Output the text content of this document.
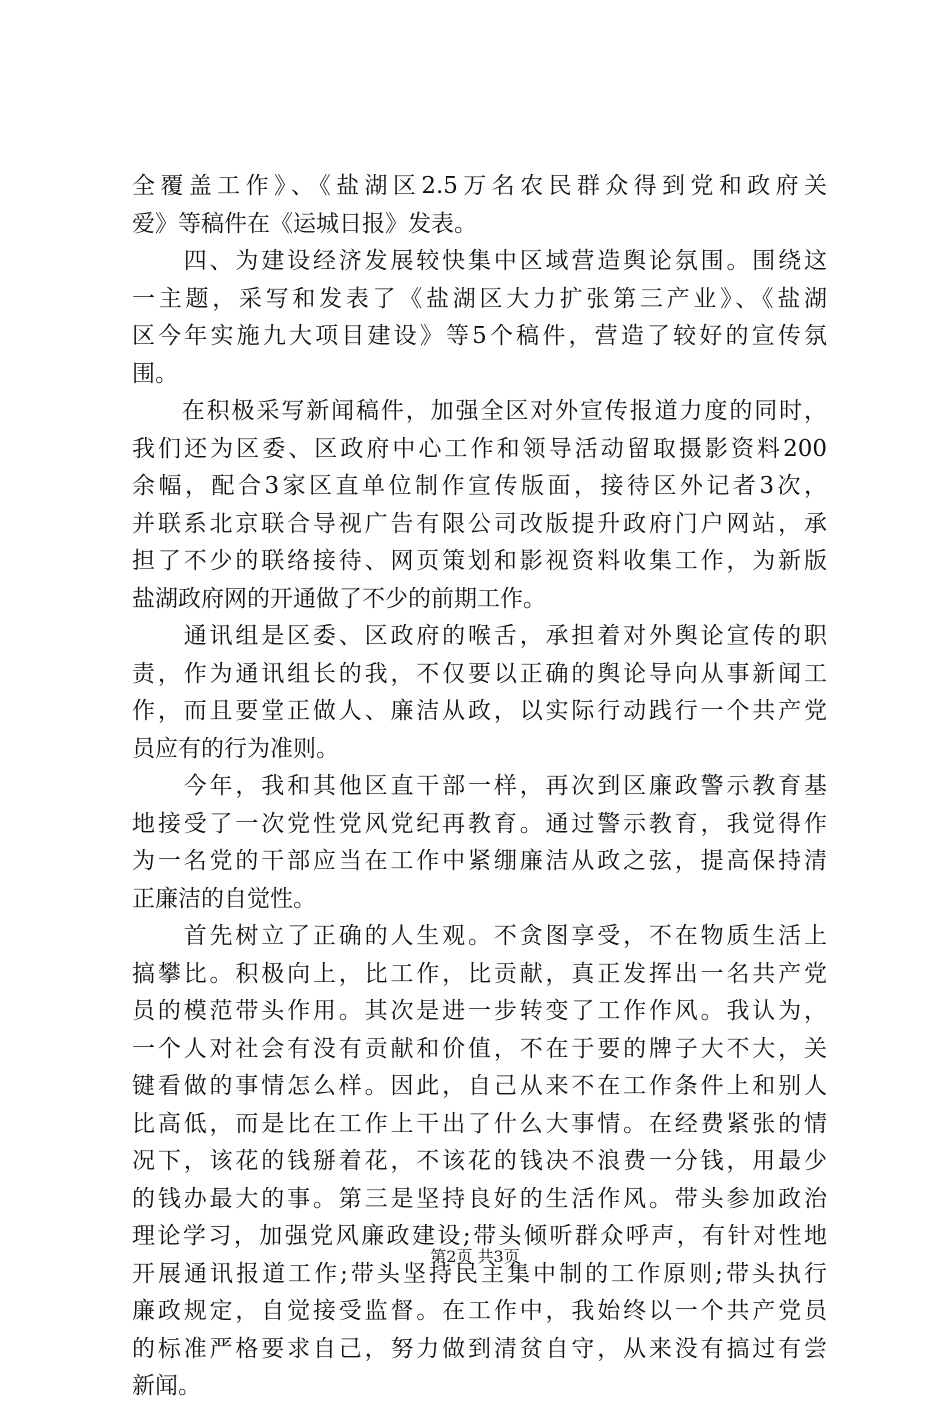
全覆盖工作》、《盐湖区2.5万名农民群众得到党和政府关
爱》等稿件在《运城日报》发表。
　　四、为建设经济发展较快集中区域营造舆论氛围。围绕这
一主题，采写和发表了《盐湖区大力扩张第三产业》、《盐湖
区今年实施九大项目建设》等5个稿件，营造了较好的宣传氛
围。
　　在积极采写新闻稿件，加强全区对外宣传报道力度的同时，
我们还为区委、区政府中心工作和领导活动留取摄影资料200
余幅，配合3家区直单位制作宣传版面，接待区外记者3次，
并联系北京联合导视广告有限公司改版提升政府门户网站，承
担了不少的联络接待、网页策划和影视资料收集工作，为新版
盐湖政府网的开通做了不少的前期工作。
　　通讯组是区委、区政府的喉舌，承担着对外舆论宣传的职
责，作为通讯组长的我，不仅要以正确的舆论导向从事新闻工
作，而且要堂正做人、廉洁从政，以实际行动践行一个共产党
员应有的行为准则。
　　今年，我和其他区直干部一样，再次到区廉政警示教育基
地接受了一次党性党风党纪再教育。通过警示教育，我觉得作
为一名党的干部应当在工作中紧绷廉洁从政之弦，提高保持清
正廉洁的自觉性。
　　首先树立了正确的人生观。不贪图享受，不在物质生活上
搞攀比。积极向上，比工作，比贡献，真正发挥出一名共产党
员的模范带头作用。其次是进一步转变了工作作风。我认为，
一个人对社会有没有贡献和价值，不在于要的牌子大不大，关
键看做的事情怎么样。因此，自己从来不在工作条件上和别人
比高低，而是比在工作上干出了什么大事情。在经费紧张的情
况下，该花的钱掰着花，不该花的钱决不浪费一分钱，用最少
的钱办最大的事。第三是坚持良好的生活作风。带头参加政治
理论学习，加强党风廉政建设;带头倾听群众呼声，有针对性地
开展通讯报道工作;带头坚持民主集中制的工作原则;带头执行
廉政规定，自觉接受监督。在工作中，我始终以一个共产党员
的标准严格要求自己，努力做到清贫自守，从来没有搞过有尝
新闻。
第2页 共3页
